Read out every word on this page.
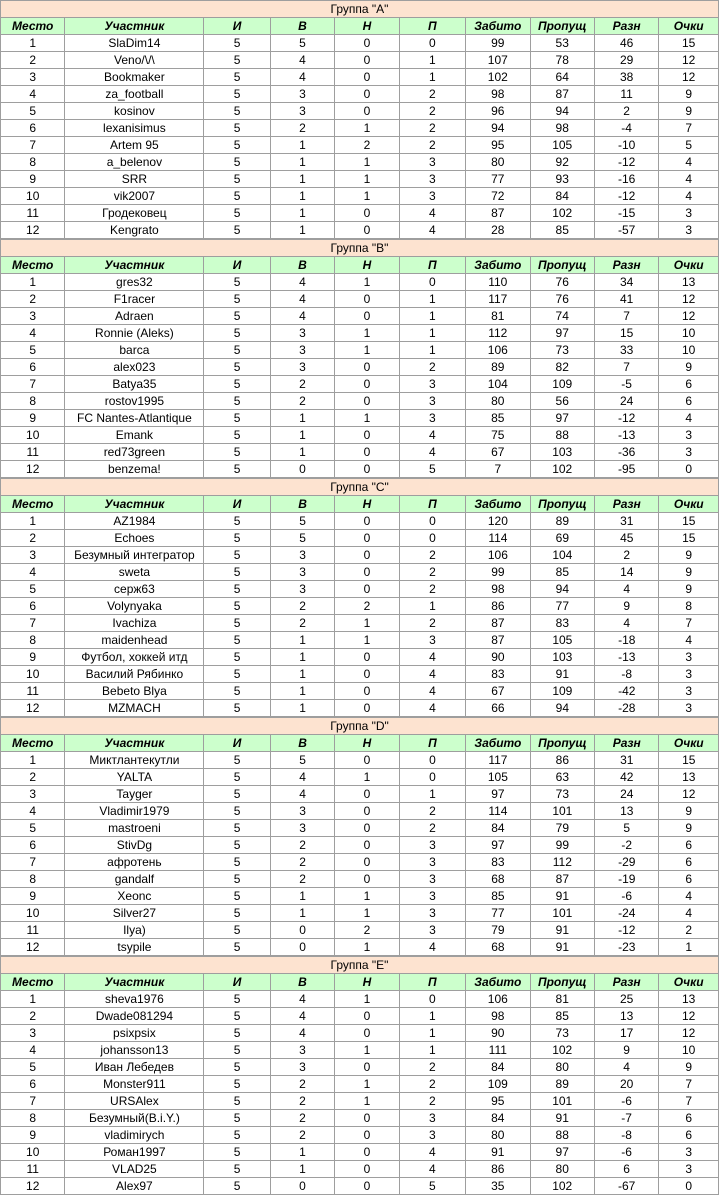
Группа "A"									
Место	Участник	И	В	Н	П	Забито	Пропущ	Разн	Очки
1	SlaDim14	5	5	0	0	99	53	46	15
2	Veno/\/\	5	4	0	1	107	78	29	12
3	Bookmaker	5	4	0	1	102	64	38	12
4	za_football	5	3	0	2	98	87	11	9
5	kosinov	5	3	0	2	96	94	2	9
6	lexanisimus	5	2	1	2	94	98	-4	7
7	Artem 95	5	1	2	2	95	105	-10	5
8	a_belenov	5	1	1	3	80	92	-12	4
9	SRR	5	1	1	3	77	93	-16	4
10	vik2007	5	1	1	3	72	84	-12	4
11	Гродековец	5	1	0	4	87	102	-15	3
12	Kengrato	5	1	0	4	28	85	-57	3
Группа "B"									
Место	Участник	И	В	Н	П	Забито	Пропущ	Разн	Очки
1	gres32	5	4	1	0	110	76	34	13
2	F1racer	5	4	0	1	117	76	41	12
3	Adraen	5	4	0	1	81	74	7	12
4	Ronnie (Aleks)	5	3	1	1	112	97	15	10
5	barca	5	3	1	1	106	73	33	10
6	alex023	5	3	0	2	89	82	7	9
7	Batya35	5	2	0	3	104	109	-5	6
8	rostov1995	5	2	0	3	80	56	24	6
9	FC Nantes-Atlantique	5	1	1	3	85	97	-12	4
10	Emank	5	1	0	4	75	88	-13	3
11	red73green	5	1	0	4	67	103	-36	3
12	benzema!	5	0	0	5	7	102	-95	0
Группа "C"									
Место	Участник	И	В	Н	П	Забито	Пропущ	Разн	Очки
1	AZ1984	5	5	0	0	120	89	31	15
2	Echoes	5	5	0	0	114	69	45	15
3	Безумный интегратор	5	3	0	2	106	104	2	9
4	sweta	5	3	0	2	99	85	14	9
5	серж63	5	3	0	2	98	94	4	9
6	Volynyaka	5	2	2	1	86	77	9	8
7	Ivachiza	5	2	1	2	87	83	4	7
8	maidenhead	5	1	1	3	87	105	-18	4
9	Футбол, хоккей итд	5	1	0	4	90	103	-13	3
10	Василий Рябинко	5	1	0	4	83	91	-8	3
11	Bebeto Blya	5	1	0	4	67	109	-42	3
12	MZMACH	5	1	0	4	66	94	-28	3
Группа "D"									
Место	Участник	И	В	Н	П	Забито	Пропущ	Разн	Очки
1	Миктлантекутли	5	5	0	0	117	86	31	15
2	YALTA	5	4	1	0	105	63	42	13
3	Tayger	5	4	0	1	97	73	24	12
4	Vladimir1979	5	3	0	2	114	101	13	9
5	mastroeni	5	3	0	2	84	79	5	9
6	StivDg	5	2	0	3	97	99	-2	6
7	афротень	5	2	0	3	83	112	-29	6
8	gandalf	5	2	0	3	68	87	-19	6
9	Xeonc	5	1	1	3	85	91	-6	4
10	Silver27	5	1	1	3	77	101	-24	4
11	Ilya)	5	0	2	3	79	91	-12	2
12	tsypile	5	0	1	4	68	91	-23	1
Группа "E"									
Место	Участник	И	В	Н	П	Забито	Пропущ	Разн	Очки
1	sheva1976	5	4	1	0	106	81	25	13
2	Dwade081294	5	4	0	1	98	85	13	12
3	psixpsix	5	4	0	1	90	73	17	12
4	johansson13	5	3	1	1	111	102	9	10
5	Иван Лебедев	5	3	0	2	84	80	4	9
6	Monster911	5	2	1	2	109	89	20	7
7	URSAlex	5	2	1	2	95	101	-6	7
8	Безумный(B.i.Y.)	5	2	0	3	84	91	-7	6
9	vladimirych	5	2	0	3	80	88	-8	6
10	Роман1997	5	1	0	4	91	97	-6	3
11	VLAD25	5	1	0	4	86	80	6	3
12	Alex97	5	0	0	5	35	102	-67	0
